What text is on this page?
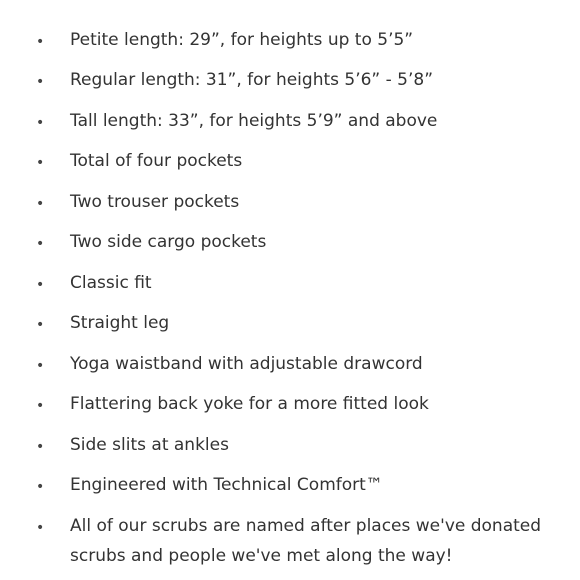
• Petite length: 29”, for heights up to 5’5”
• Regular length: 31”, for heights 5’6” - 5’8”
• Tall length: 33”, for heights 5’9” and above
• Total of four pockets
• Two trouser pockets
• Two side cargo pockets
• Classic fit
• Straight leg
• Yoga waistband with adjustable drawcord
• Flattering back yoke for a more fitted look
• Side slits at ankles
• Engineered with Technical Comfort™
• All of our scrubs are named after places we've donated scrubs and people we've met along the way!
